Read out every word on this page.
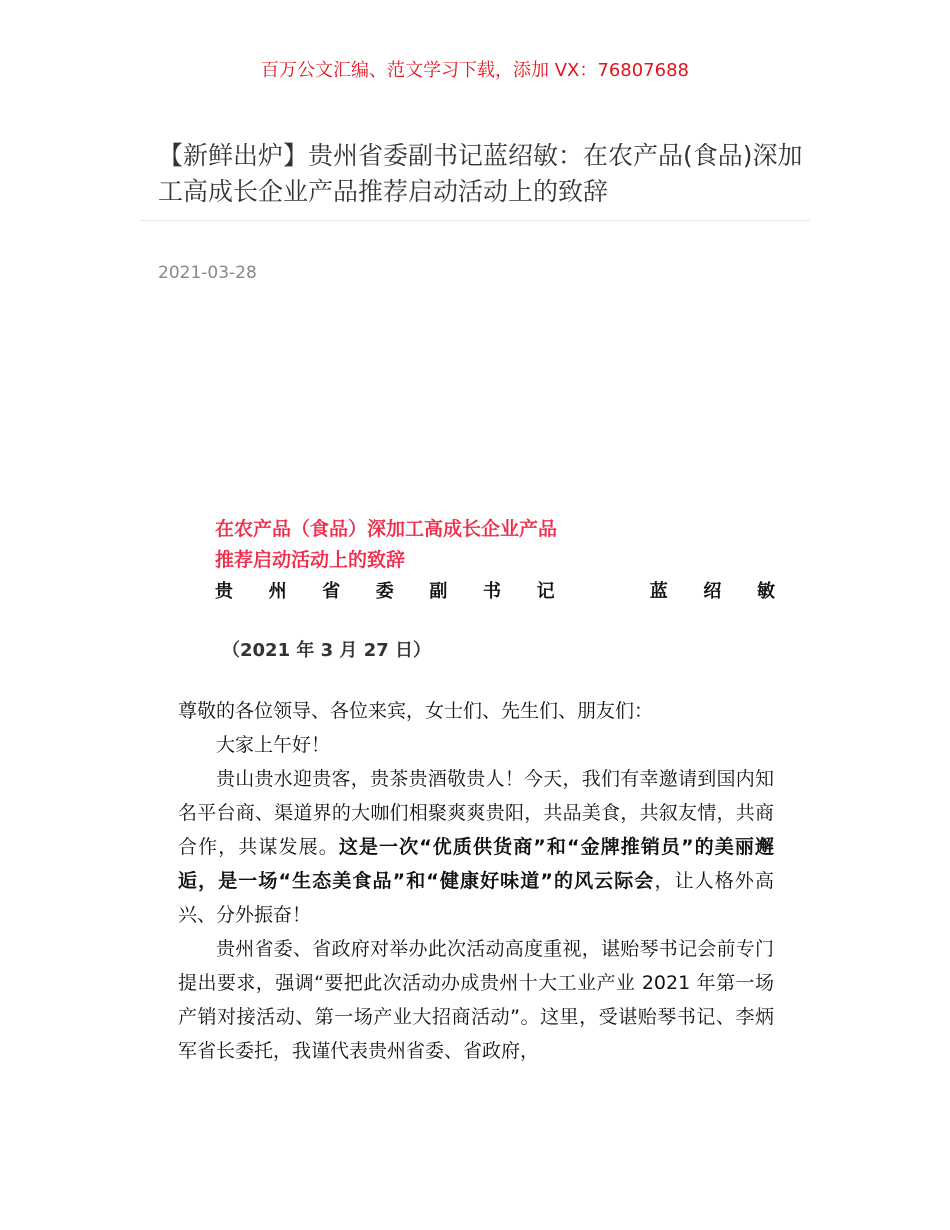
百万公文汇编、范文学习下载，添加 VX：76807688
【新鲜出炉】贵州省委副书记蓝绍敏：在农产品(食品)深加工高成长企业产品推荐启动活动上的致辞
2021-03-28
在农产品（食品）深加工高成长企业产品
推荐启动活动上的致辞
贵 州 省 委 副 书 记	蓝 绍 敏
（2021 年 3 月 27 日）

尊敬的各位领导、各位来宾，女士们、先生们、朋友们：

大家上午好！

贵山贵水迎贵客，贵茶贵酒敬贵人！今天，我们有幸邀请到国内知名平台商、渠道界的大咖们相聚爽爽贵阳，共品美食，共叙友情，共商合作，共谋发展。这是一次“优质供货商”和“金牌推销员”的美丽邂逅，是一场“生态美食品”和“健康好味道”的风云际会，让人格外高兴、分外振奋！

贵州省委、省政府对举办此次活动高度重视，谌贻琴书记会前专门提出要求，强调“要把此次活动办成贵州十大工业产业 2021 年第一场产销对接活动、第一场产业大招商活动”。这里，受谌贻琴书记、李炳军省长委托，我谨代表贵州省委、省政府，
